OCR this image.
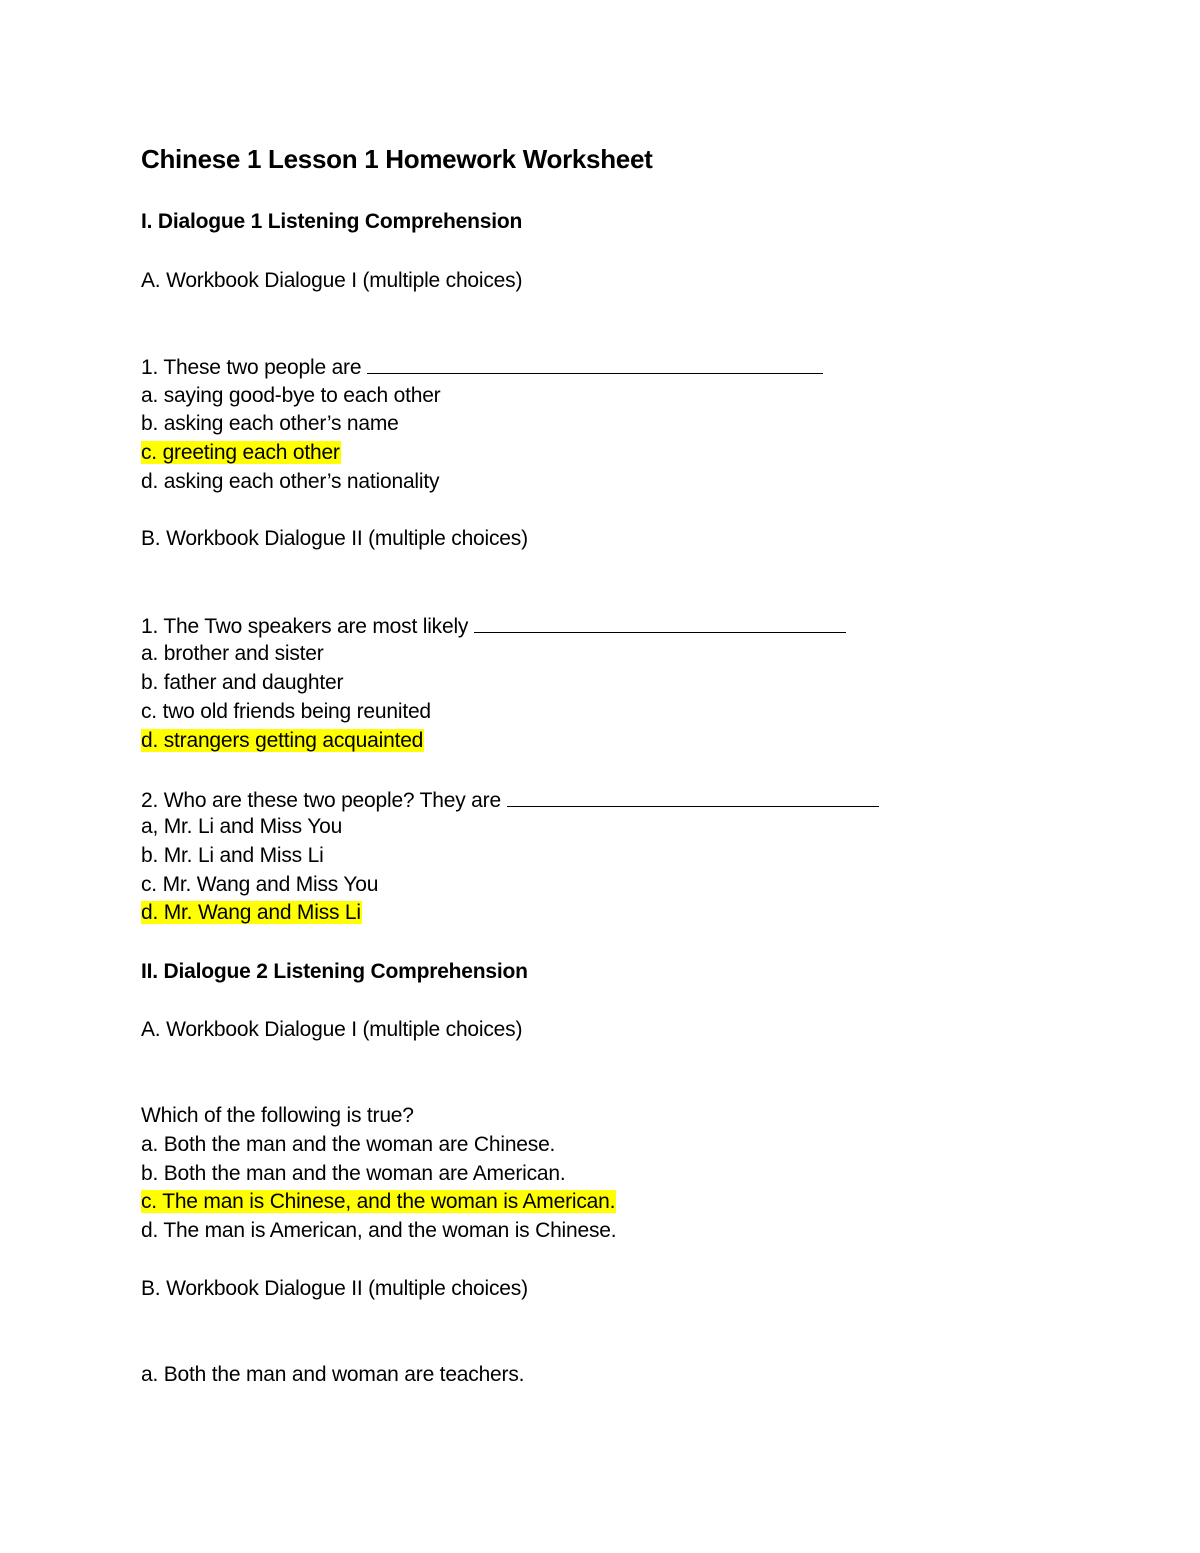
Chinese 1 Lesson 1 Homework Worksheet
I. Dialogue 1 Listening Comprehension
A. Workbook Dialogue I (multiple choices)
1. These two people are
a. saying good-bye to each other
b. asking each other’s name
c. greeting each other
d. asking each other’s nationality
B. Workbook Dialogue II (multiple choices)
1. The Two speakers are most likely
a. brother and sister
b. father and daughter
c. two old friends being reunited
d. strangers getting acquainted
2. Who are these two people? They are
a, Mr. Li and Miss You
b. Mr. Li and Miss Li
c. Mr. Wang and Miss You
d. Mr. Wang and Miss Li
II. Dialogue 2 Listening Comprehension
A. Workbook Dialogue I (multiple choices)
Which of the following is true?
a. Both the man and the woman are Chinese.
b. Both the man and the woman are American.
c. The man is Chinese, and the woman is American.
d. The man is American, and the woman is Chinese.
B. Workbook Dialogue II (multiple choices)
a. Both the man and woman are teachers.
